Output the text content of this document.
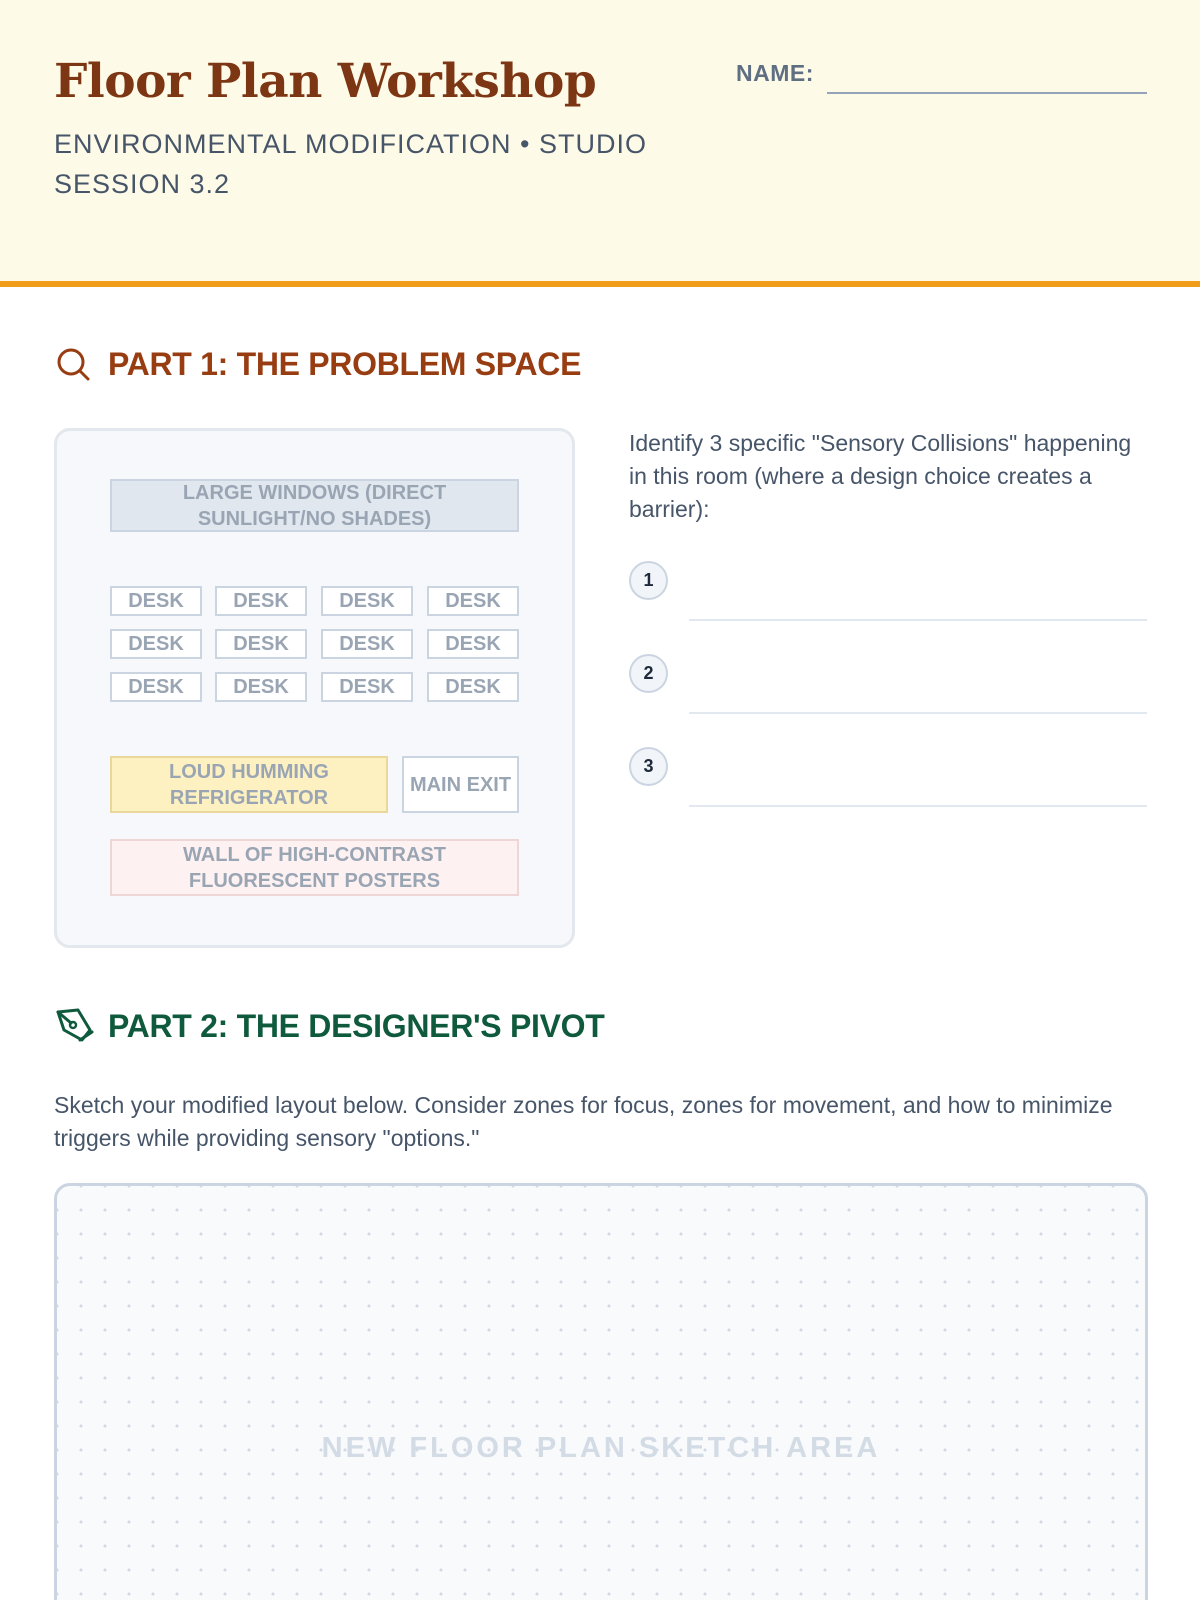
Floor Plan Workshop
ENVIRONMENTAL MODIFICATION • STUDIO SESSION 3.2
NAME:
PART 1: THE PROBLEM SPACE
LARGE WINDOWS (DIRECT SUNLIGHT/NO SHADES)
DESK	DESK	DESK	DESK
DESK	DESK	DESK	DESK
DESK	DESK	DESK	DESK
LOUD HUMMING REFRIGERATOR
MAIN EXIT
WALL OF HIGH-CONTRAST FLUORESCENT POSTERS
Identify 3 specific "Sensory Collisions" happening in this room (where a design choice creates a barrier):
1
2
3
PART 2: THE DESIGNER'S PIVOT
Sketch your modified layout below. Consider zones for focus, zones for movement, and how to minimize triggers while providing sensory "options."
NEW FLOOR PLAN SKETCH AREA
